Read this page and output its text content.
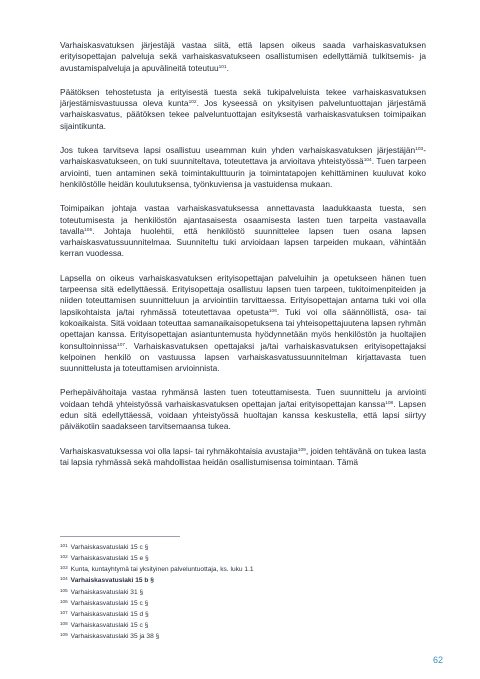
Varhaiskasvatuksen järjestäjä vastaa siitä, että lapsen oikeus saada varhaiskasvatuksen erityisopettajan palveluja sekä varhaiskasvatukseen osallistumisen edellyttämiä tulkitsemis- ja avustamispalveluja ja apuvälineitä toteutuu$^{101}$.

Päätöksen tehostetusta ja erityisestä tuesta sekä tukipalveluista tekee varhaiskasvatuksen järjestämisvastuussa oleva kunta$^{102}$. Jos kyseessä on yksityisen palveluntuottajan järjestämä varhaiskasvatus, päätöksen tekee palveluntuottajan esityksestä varhaiskasvatuksen toimipaikan sijaintikunta.

Jos tukea tarvitseva lapsi osallistuu useamman kuin yhden varhaiskasvatuksen järjestäjän$^{103}$-varhaiskasvatukseen, on tuki suunniteltava, toteutettava ja arvioitava yhteistyössä$^{104}$. Tuen tarpeen arviointi, tuen antaminen sekä toimintakulttuurin ja toimintatapojen kehittäminen kuuluvat koko henkilöstölle heidän koulutuksensa, työnkuviensa ja vastuidensa mukaan.

Toimipaikan johtaja vastaa varhaiskasvatuksessa annettavasta laadukkaasta tuesta, sen toteutumisesta ja henkilöstön ajantasaisesta osaamisesta lasten tuen tarpeita vastaavalla tavalla$^{105}$. Johtaja huolehtii, että henkilöstö suunnittelee lapsen tuen osana lapsen varhaiskasvatussuunnitelmaa. Suunniteltu tuki arvioidaan lapsen tarpeiden mukaan, vähintään kerran vuodessa.

Lapsella on oikeus varhaiskasvatuksen erityisopettajan palveluihin ja opetukseen hänen tuen tarpeensa sitä edellyttäessä. Erityisopettaja osallistuu lapsen tuen tarpeen, tukitoimenpiteiden ja niiden toteuttamisen suunnitteluun ja arviointiin tarvittaessa. Erityisopettajan antama tuki voi olla lapsikohtaista ja/tai ryhmässä toteutettavaa opetusta$^{106}$. Tuki voi olla säännöllistä, osa- tai kokoaikaista. Sitä voidaan toteuttaa samanaikaisopetuksena tai yhteisopettajuutena lapsen ryhmän opettajan kanssa. Erityisopettajan asiantuntemusta hyödynnetään myös henkilöstön ja huoltajien konsultoinnissa$^{107}$. Varhaiskasvatuksen opettajaksi ja/tai varhaiskasvatuksen erityisopettajaksi kelpoinen henkilö on vastuussa lapsen varhaiskasvatussuunnitelman kirjattavasta tuen suunnittelusta ja toteuttamisen arvioinnista.

Perhepäivähoitaja vastaa ryhmänsä lasten tuen toteuttamisesta. Tuen suunnittelu ja arviointi voidaan tehdä yhteistyössä varhaiskasvatuksen opettajan ja/tai erityisopettajan kanssa$^{108}$. Lapsen edun sitä edellyttäessä, voidaan yhteistyössä huoltajan kanssa keskustella, että lapsi siirtyy päiväkotiin saadakseen tarvitsemaansa tukea.

Varhaiskasvatuksessa voi olla lapsi- tai ryhmäkohtaisia avustajia$^{109}$, joiden tehtävänä on tukea lasta tai lapsia ryhmässä sekä mahdollistaa heidän osallistumisensa toimintaan. Tämä

$^{101}$ Varhaiskasvatuslaki 15 c §
$^{102}$ Varhaiskasvatuslaki 15 e §
$^{103}$ Kunta, kuntayhtymä tai yksityinen palveluntuottaja, ks. luku 1.1
$^{104}$ Varhaiskasvatuslaki 15 b §
$^{105}$ Varhaiskasvatuslaki 31 §
$^{106}$ Varhaiskasvatuslaki 15 c §
$^{107}$ Varhaiskasvatuslaki 15 d §
$^{108}$ Varhaiskasvatuslaki 15 c §
$^{109}$ Varhaiskasvatuslaki 35 ja 38 §
62
